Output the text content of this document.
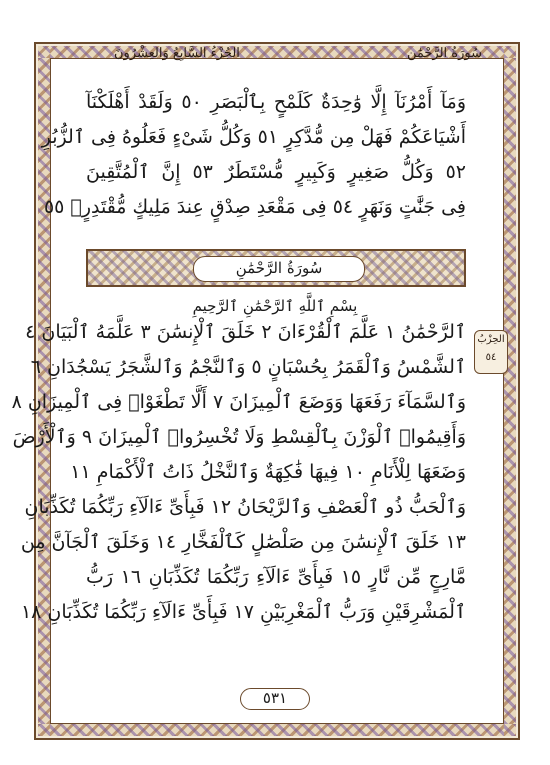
سُورَةُ الرَّحْمَٰن
الجُزْءُ السَّابِعُ وَالعِشْرُونَ
وَمَآ أَمْرُنَآ إِلَّا وَٰحِدَةٌ كَلَمْحٍ بِٱلْبَصَرِ ٥٠ وَلَقَدْ أَهْلَكْنَآ
أَشْيَاعَكُمْ فَهَلْ مِن مُّدَّكِرٍ ٥١ وَكُلُّ شَىْءٍ فَعَلُوهُ فِى ٱلزُّبُرِ
٥٢ وَكُلُّ صَغِيرٍ وَكَبِيرٍ مُّسْتَطَرٌ ٥٣ إِنَّ ٱلْمُتَّقِينَ
فِى جَنَّٰتٍ وَنَهَرٍ ٥٤ فِى مَقْعَدِ صِدْقٍ عِندَ مَلِيكٍ مُّقْتَدِرٍۭ ٥٥
سُورَةُ الرَّحْمَٰنِ
بِسْمِ ٱللَّهِ ٱلرَّحْمَٰنِ ٱلرَّحِيمِ
ٱلرَّحْمَٰنُ ١ عَلَّمَ ٱلْقُرْءَانَ ٢ خَلَقَ ٱلْإِنسَٰنَ ٣ عَلَّمَهُ ٱلْبَيَانَ ٤
ٱلشَّمْسُ وَٱلْقَمَرُ بِحُسْبَانٍ ٥ وَٱلنَّجْمُ وَٱلشَّجَرُ يَسْجُدَانِ ٦
وَٱلسَّمَآءَ رَفَعَهَا وَوَضَعَ ٱلْمِيزَانَ ٧ أَلَّا تَطْغَوْا۟ فِى ٱلْمِيزَانِ ٨
وَأَقِيمُوا۟ ٱلْوَزْنَ بِٱلْقِسْطِ وَلَا تُخْسِرُوا۟ ٱلْمِيزَانَ ٩ وَٱلْأَرْضَ
وَضَعَهَا لِلْأَنَامِ ١٠ فِيهَا فَٰكِهَةٌ وَٱلنَّخْلُ ذَاتُ ٱلْأَكْمَامِ ١١
وَٱلْحَبُّ ذُو ٱلْعَصْفِ وَٱلرَّيْحَانُ ١٢ فَبِأَىِّ ءَالَآءِ رَبِّكُمَا تُكَذِّبَانِ
١٣ خَلَقَ ٱلْإِنسَٰنَ مِن صَلْصَٰلٍ كَٱلْفَخَّارِ ١٤ وَخَلَقَ ٱلْجَآنَّ مِن
مَّارِجٍ مِّن نَّارٍ ١٥ فَبِأَىِّ ءَالَآءِ رَبِّكُمَا تُكَذِّبَانِ ١٦ رَبُّ
ٱلْمَشْرِقَيْنِ وَرَبُّ ٱلْمَغْرِبَيْنِ ١٧ فَبِأَىِّ ءَالَآءِ رَبِّكُمَا تُكَذِّبَانِ ١٨
الحِزْبُ
٥٤
٥٣١
